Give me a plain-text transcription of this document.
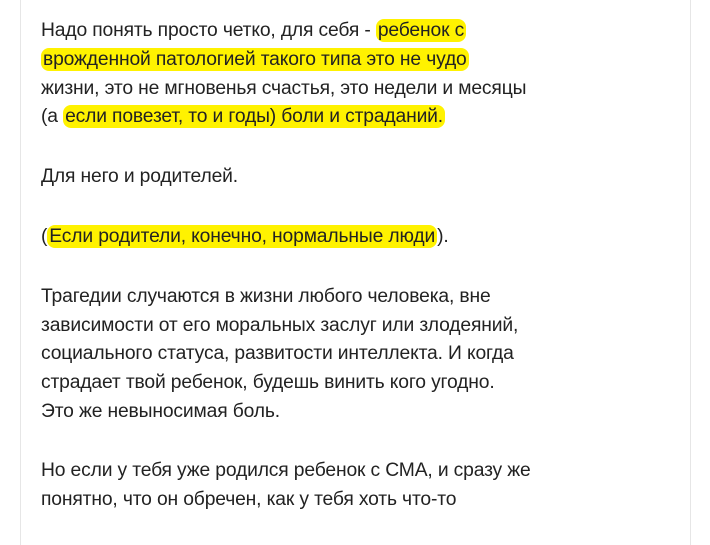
Надо понять просто четко, для себя - ребенок с
врожденной патологией такого типа это не чудо
жизни, это не мгновенья счастья, это недели и месяцы
(а если повезет, то и годы) боли и страданий.

Для него и родителей.

( Если родители, конечно, нормальные люди ).

Трагедии случаются в жизни любого человека, вне
зависимости от его моральных заслуг или злодеяний,
социального статуса, развитости интеллекта. И когда
страдает твой ребенок, будешь винить кого угодно.
Это же невыносимая боль.

Но если у тебя уже родился ребенок с СМА, и сразу же
понятно, что он обречен, как у тебя хоть что-то
